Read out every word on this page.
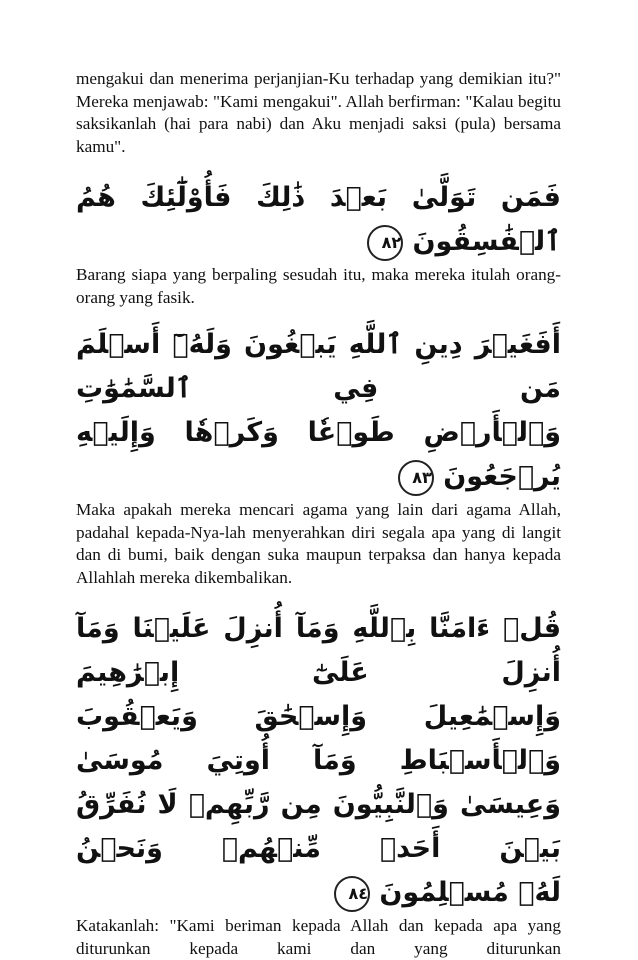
mengakui dan menerima perjanjian-Ku terhadap yang demikian itu?" Mereka menjawab: "Kami mengakui". Allah berfirman: "Kalau begitu saksikanlah (hai para nabi) dan Aku menjadi saksi (pula) bersama kamu".

فَمَن تَوَلَّىٰ بَعۡدَ ذَٰلِكَ فَأُوْلَٰٓئِكَ هُمُ ٱلۡفَٰسِقُونَ ٨٢

Barang siapa yang berpaling sesudah itu, maka mereka itulah orang-orang yang fasik.

أَفَغَيۡرَ دِينِ ٱللَّهِ يَبۡغُونَ وَلَهُۥٓ أَسۡلَمَ مَن فِي ٱلسَّمَٰوَٰتِ

وَٱلۡأَرۡضِ طَوۡعٗا وَكَرۡهٗا وَإِلَيۡهِ يُرۡجَعُونَ ٨٣

Maka apakah mereka mencari agama yang lain dari agama Allah, padahal kepada-Nya-lah menyerahkan diri segala apa yang di langit dan di bumi, baik dengan suka maupun terpaksa dan hanya kepada Allahlah mereka dikembalikan.

قُلۡ ءَامَنَّا بِٱللَّهِ وَمَآ أُنزِلَ عَلَيۡنَا وَمَآ أُنزِلَ عَلَىٰٓ إِبۡرَٰهِيمَ

وَإِسۡمَٰعِيلَ وَإِسۡحَٰقَ وَيَعۡقُوبَ وَٱلۡأَسۡبَاطِ وَمَآ أُوتِيَ مُوسَىٰ

وَعِيسَىٰ وَٱلنَّبِيُّونَ مِن رَّبِّهِمۡ لَا نُفَرِّقُ بَيۡنَ أَحَدٖ مِّنۡهُمۡ وَنَحۡنُ

لَهُۥ مُسۡلِمُونَ ٨٤

Katakanlah: "Kami beriman kepada Allah dan kepada apa yang diturunkan kepada kami dan yang diturunkan
